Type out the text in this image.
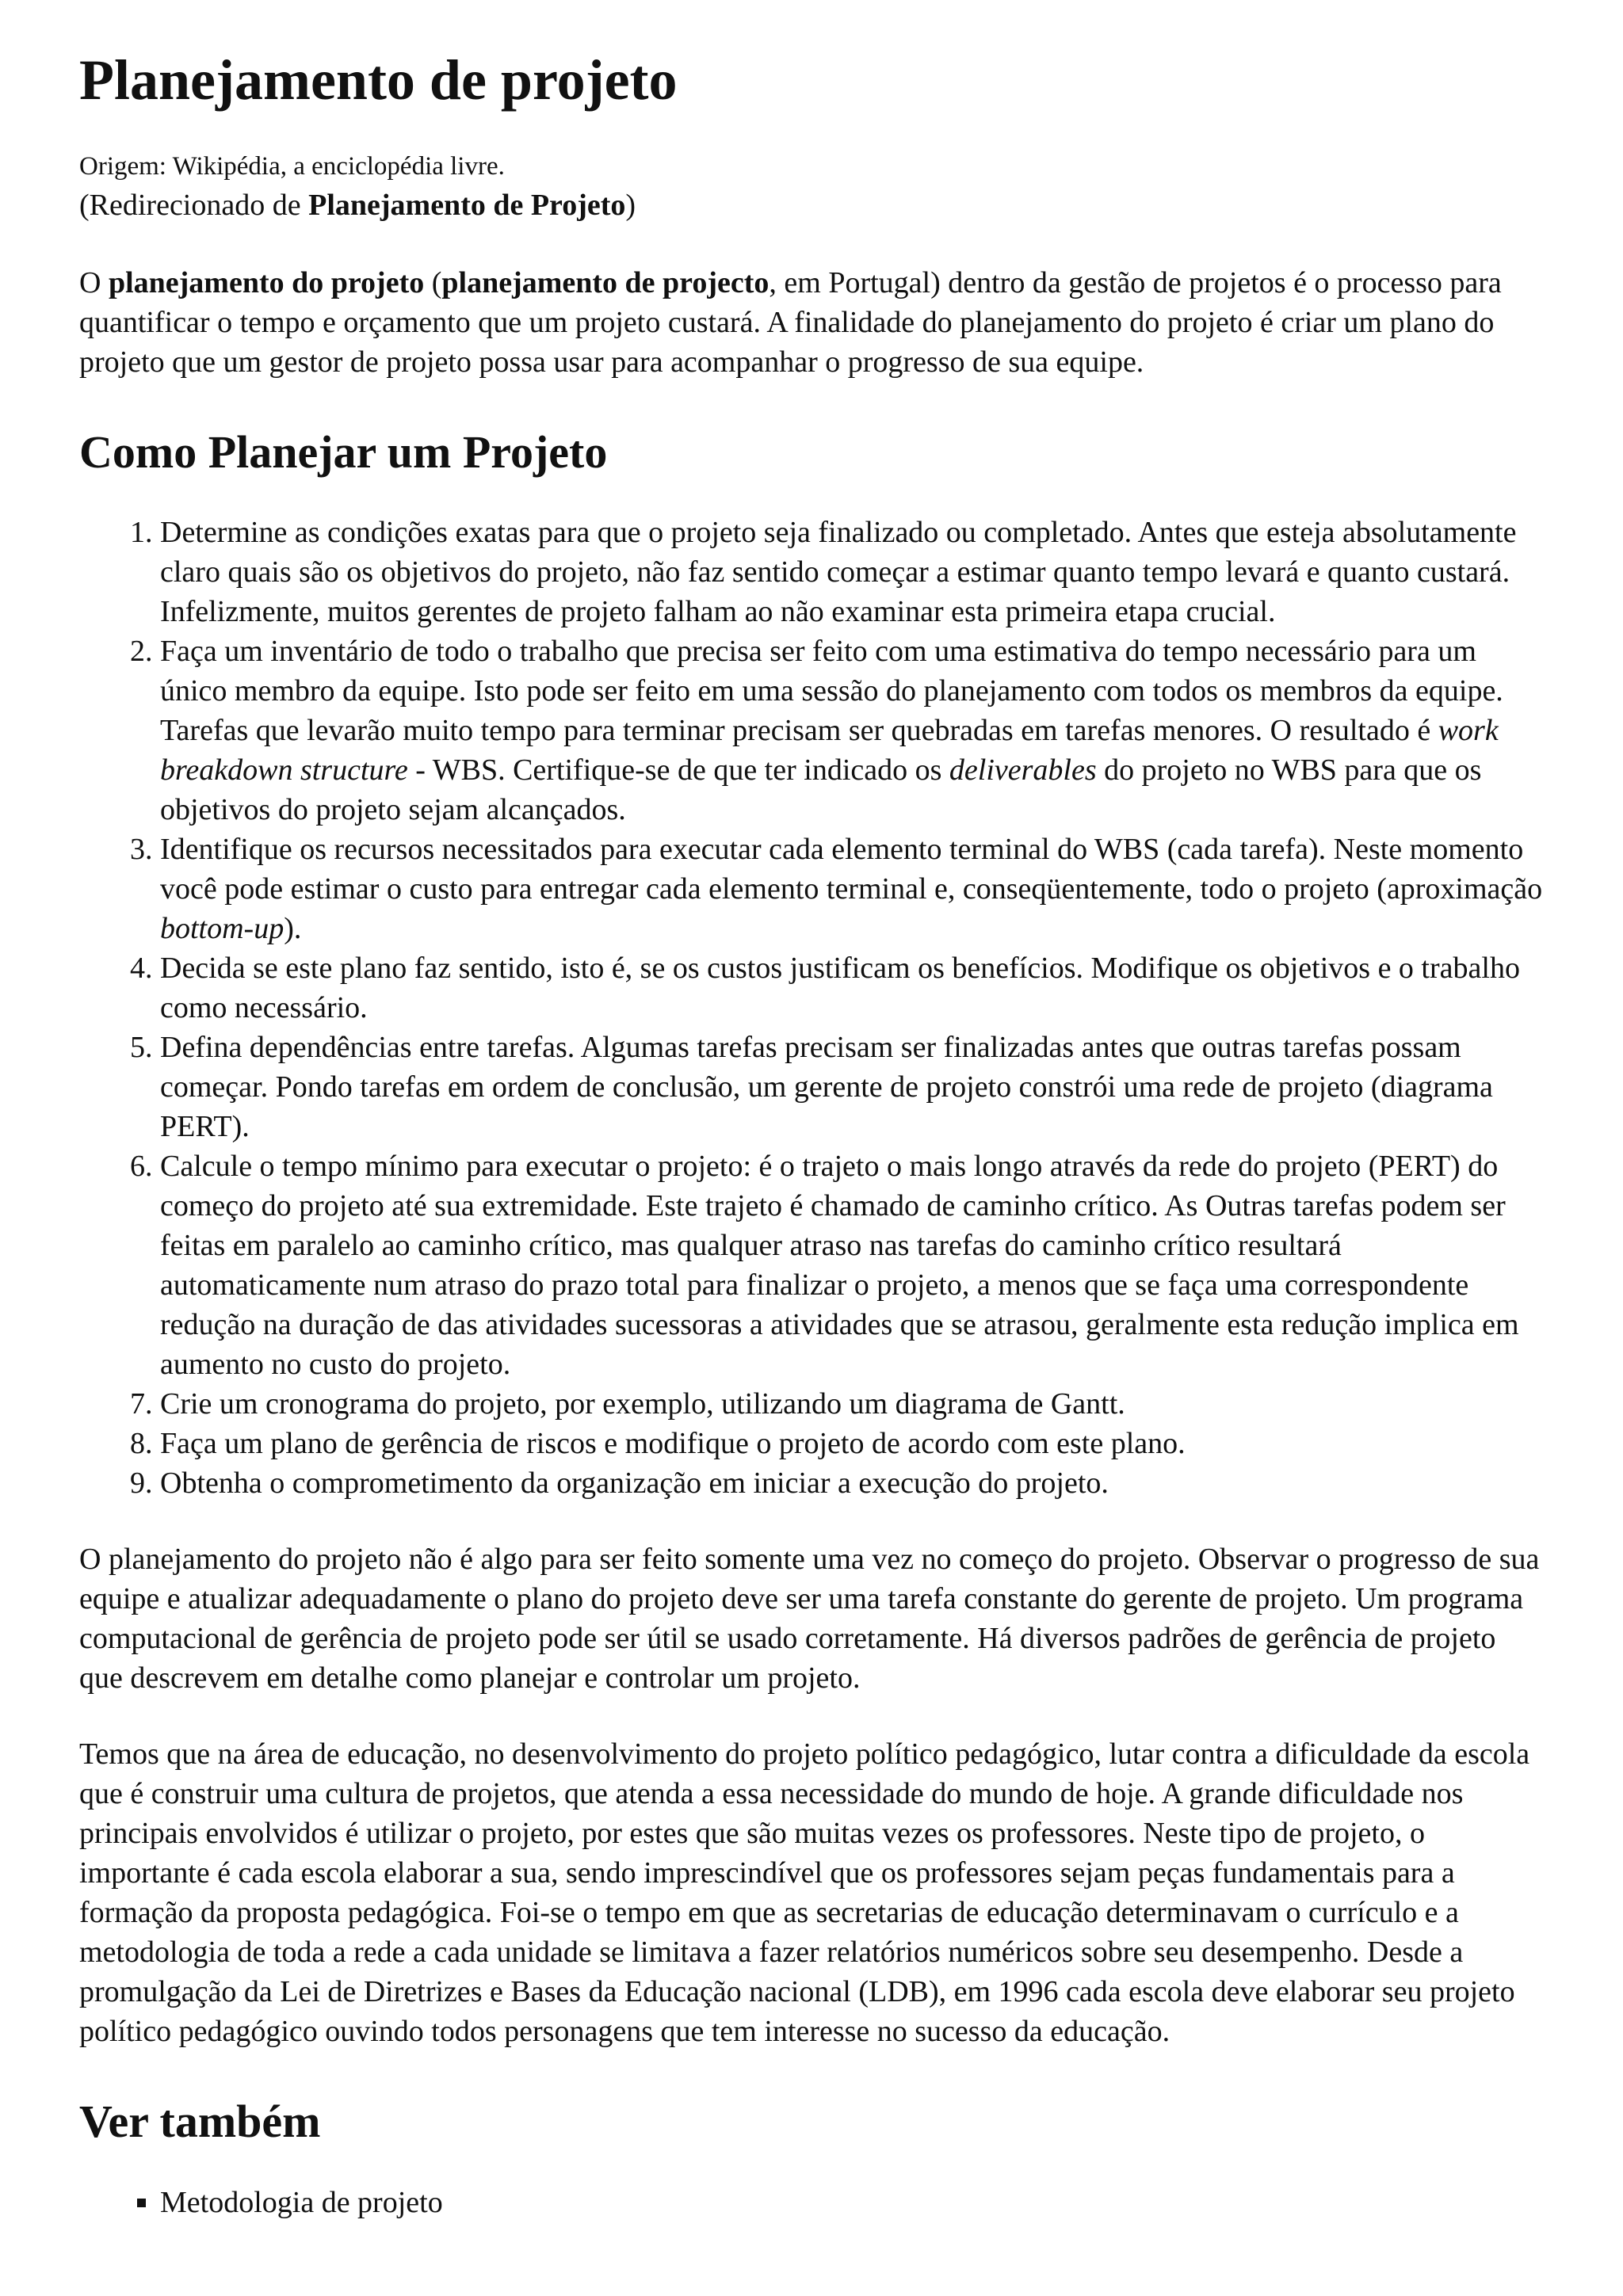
Planejamento de projeto
Origem: Wikipédia, a enciclopédia livre.
(Redirecionado de Planejamento de Projeto)

O planejamento do projeto (planejamento de projecto, em Portugal) dentro da gestão de projetos é o processo para quantificar o tempo e orçamento que um projeto custará. A finalidade do planejamento do projeto é criar um plano do projeto que um gestor de projeto possa usar para acompanhar o progresso de sua equipe.

Como Planejar um Projeto
1. Determine as condições exatas para que o projeto seja finalizado ou completado. Antes que esteja absolutamente claro quais são os objetivos do projeto, não faz sentido começar a estimar quanto tempo levará e quanto custará. Infelizmente, muitos gerentes de projeto falham ao não examinar esta primeira etapa crucial.
2. Faça um inventário de todo o trabalho que precisa ser feito com uma estimativa do tempo necessário para um único membro da equipe. Isto pode ser feito em uma sessão do planejamento com todos os membros da equipe. Tarefas que levarão muito tempo para terminar precisam ser quebradas em tarefas menores. O resultado é work breakdown structure - WBS. Certifique-se de que ter indicado os deliverables do projeto no WBS para que os objetivos do projeto sejam alcançados.
3. Identifique os recursos necessitados para executar cada elemento terminal do WBS (cada tarefa). Neste momento você pode estimar o custo para entregar cada elemento terminal e, conseqüentemente, todo o projeto (aproximação bottom-up).
4. Decida se este plano faz sentido, isto é, se os custos justificam os benefícios. Modifique os objetivos e o trabalho como necessário.
5. Defina dependências entre tarefas. Algumas tarefas precisam ser finalizadas antes que outras tarefas possam começar. Pondo tarefas em ordem de conclusão, um gerente de projeto constrói uma rede de projeto (diagrama PERT).
6. Calcule o tempo mínimo para executar o projeto: é o trajeto o mais longo através da rede do projeto (PERT) do começo do projeto até sua extremidade. Este trajeto é chamado de caminho crítico. As Outras tarefas podem ser feitas em paralelo ao caminho crítico, mas qualquer atraso nas tarefas do caminho crítico resultará automaticamente num atraso do prazo total para finalizar o projeto, a menos que se faça uma correspondente redução na duração de das atividades sucessoras a atividades que se atrasou, geralmente esta redução implica em aumento no custo do projeto.
7. Crie um cronograma do projeto, por exemplo, utilizando um diagrama de Gantt.
8. Faça um plano de gerência de riscos e modifique o projeto de acordo com este plano.
9. Obtenha o comprometimento da organização em iniciar a execução do projeto.

O planejamento do projeto não é algo para ser feito somente uma vez no começo do projeto. Observar o progresso de sua equipe e atualizar adequadamente o plano do projeto deve ser uma tarefa constante do gerente de projeto. Um programa computacional de gerência de projeto pode ser útil se usado corretamente. Há diversos padrões de gerência de projeto que descrevem em detalhe como planejar e controlar um projeto.

Temos que na área de educação, no desenvolvimento do projeto político pedagógico, lutar contra a dificuldade da escola que é construir uma cultura de projetos, que atenda a essa necessidade do mundo de hoje. A grande dificuldade nos principais envolvidos é utilizar o projeto, por estes que são muitas vezes os professores. Neste tipo de projeto, o importante é cada escola elaborar a sua, sendo imprescindível que os professores sejam peças fundamentais para a formação da proposta pedagógica. Foi-se o tempo em que as secretarias de educação determinavam o currículo e a metodologia de toda a rede a cada unidade se limitava a fazer relatórios numéricos sobre seu desempenho. Desde a promulgação da Lei de Diretrizes e Bases da Educação nacional (LDB), em 1996 cada escola deve elaborar seu projeto político pedagógico ouvindo todos personagens que tem interesse no sucesso da educação.

Ver também
▪ Metodologia de projeto
